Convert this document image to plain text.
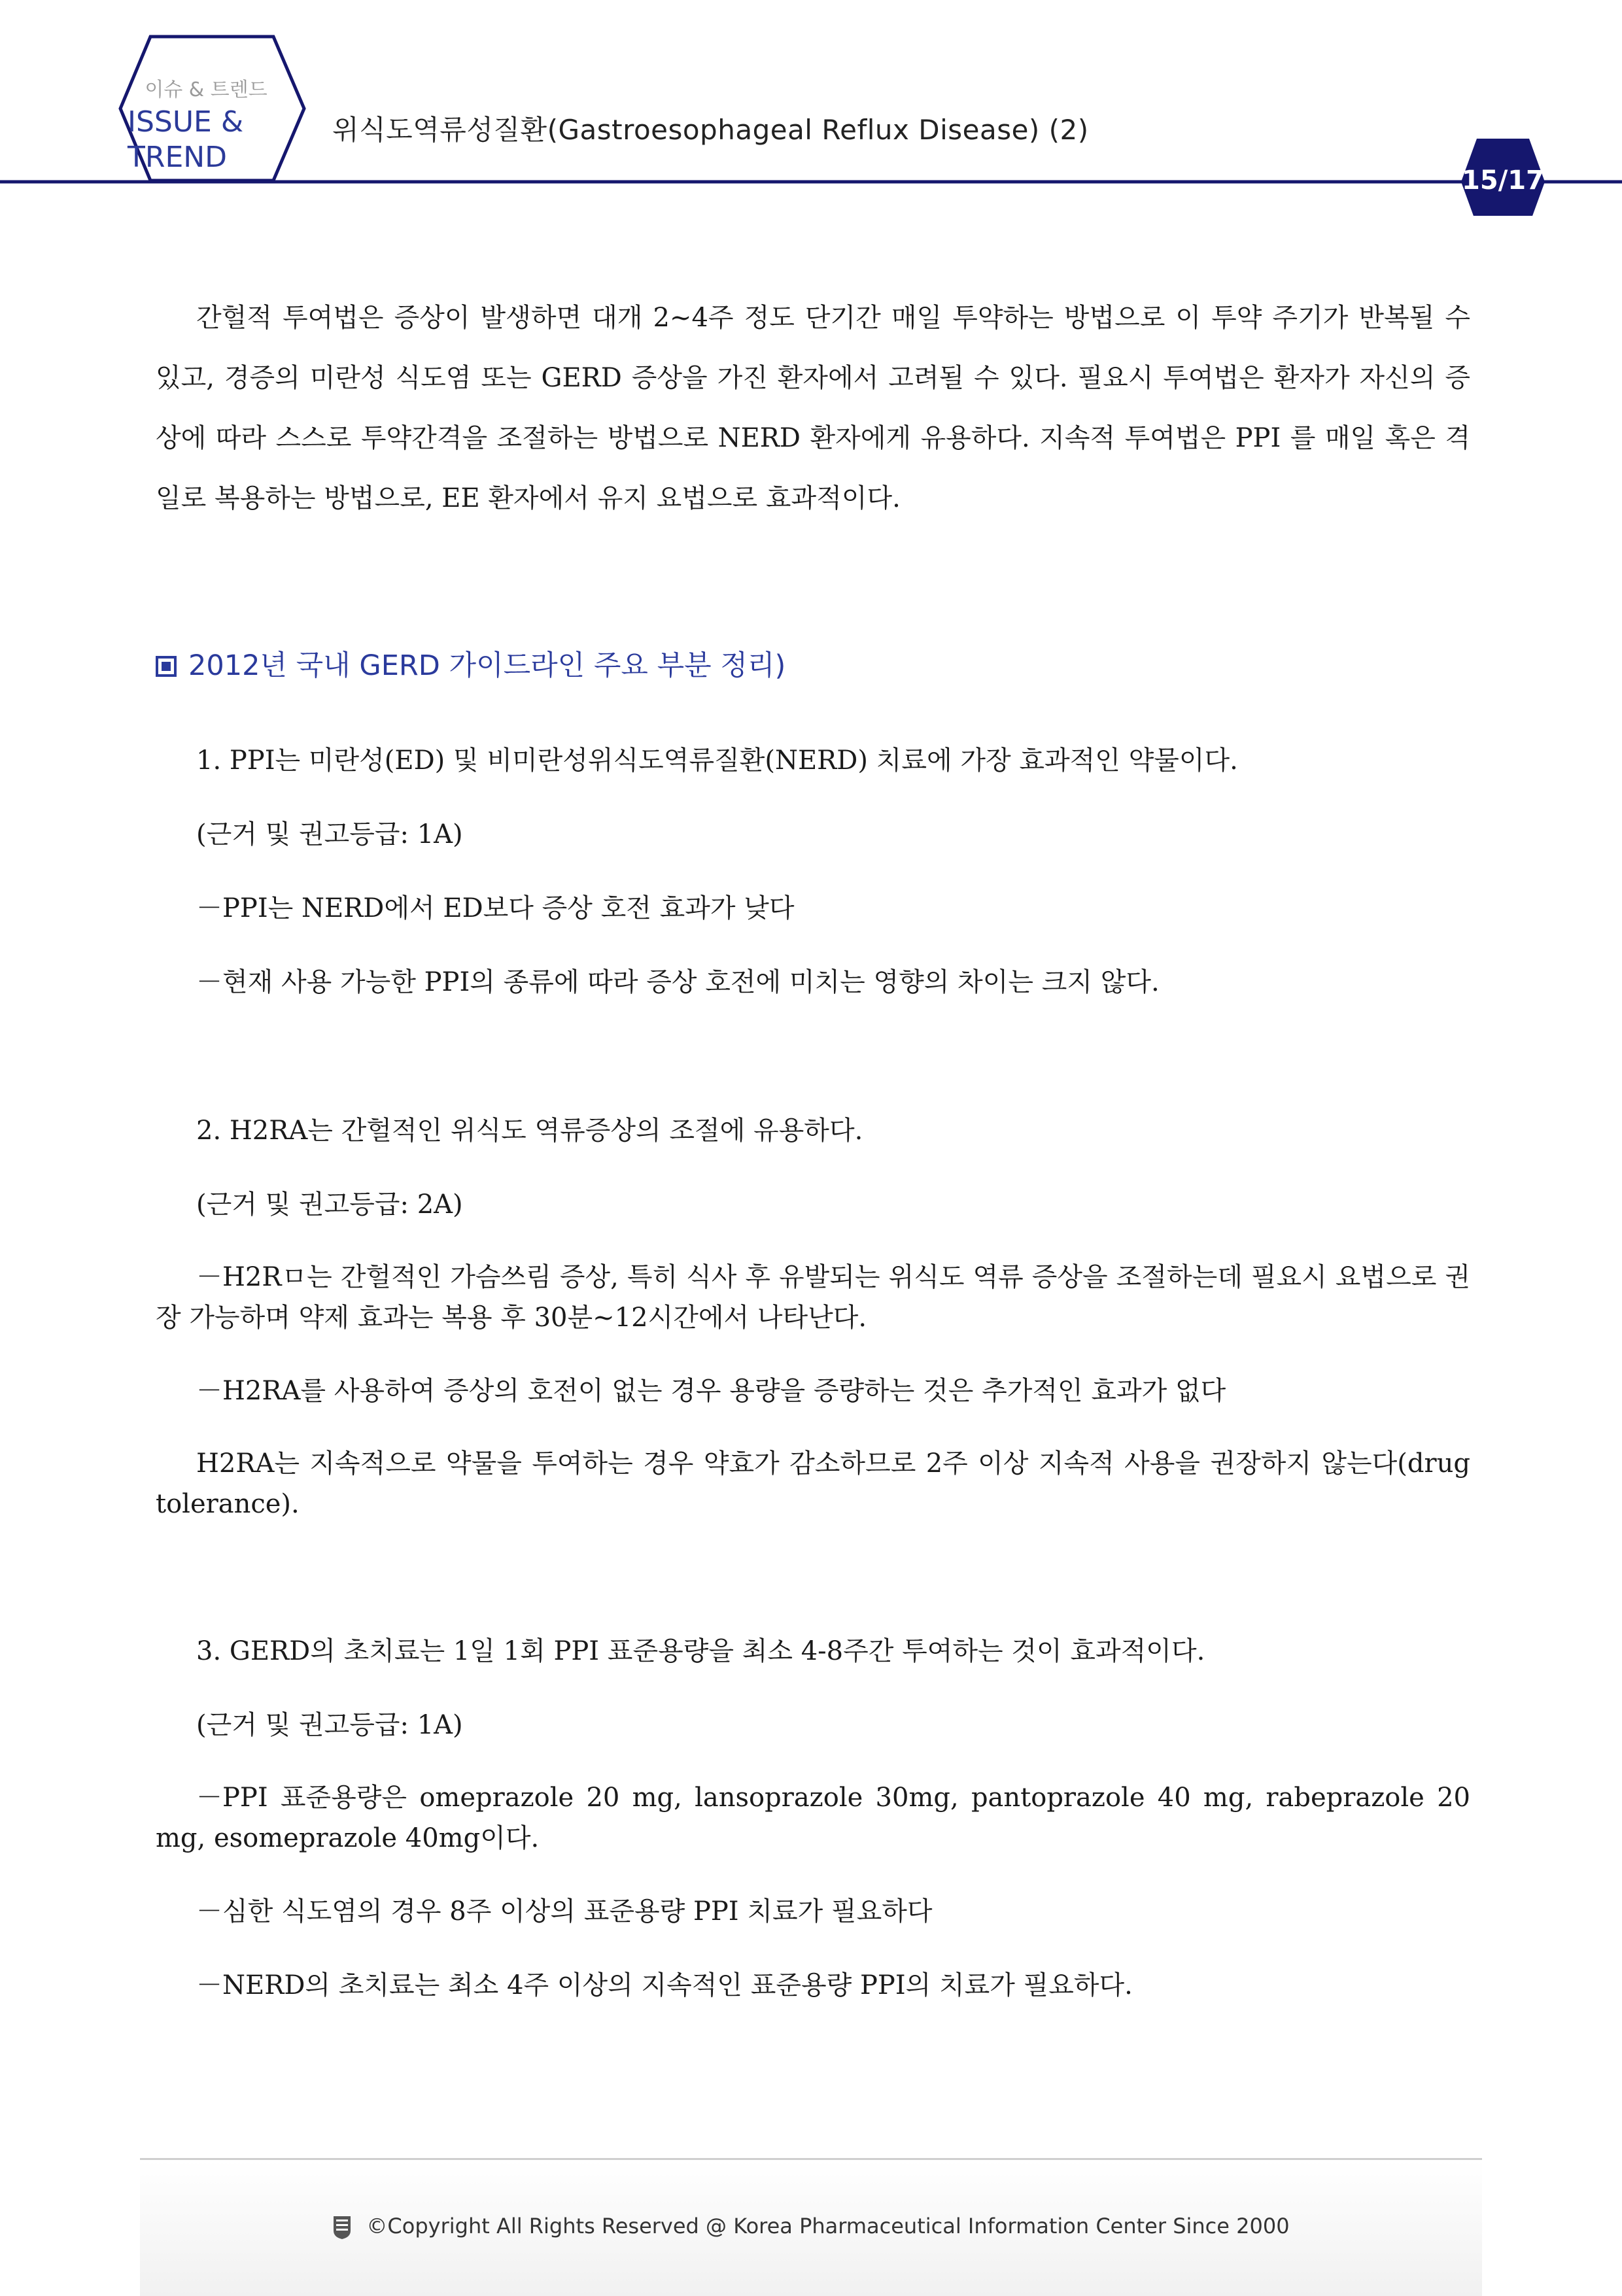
이슈 & 트렌드
ISSUE &
TREND
위식도역류성질환(Gastroesophageal Reflux Disease) (2)
15/17

간헐적 투여법은 증상이 발생하면 대개 2~4주 정도 단기간 매일 투약하는 방법으로 이 투약 주기가 반복될 수 있고, 경증의 미란성 식도염 또는 GERD 증상을 가진 환자에서 고려될 수 있다. 필요시 투여법은 환자가 자신의 증상에 따라 스스로 투약간격을 조절하는 방법으로 NERD 환자에게 유용하다. 지속적 투여법은 PPI 를 매일 혹은 격일로 복용하는 방법으로, EE 환자에서 유지 요법으로 효과적이다.

2012년 국내 GERD 가이드라인 주요 부분 정리)
1. PPI는 미란성(ED) 및 비미란성위식도역류질환(NERD) 치료에 가장 효과적인 약물이다.
(근거 및 권고등급: 1A)
－PPI는 NERD에서 ED보다 증상 호전 효과가 낮다
－현재 사용 가능한 PPI의 종류에 따라 증상 호전에 미치는 영향의 차이는 크지 않다.
2. H2RA는 간헐적인 위식도 역류증상의 조절에 유용하다.
(근거 및 권고등급: 2A)
－H2Rㅁ는 간헐적인 가슴쓰림 증상, 특히 식사 후 유발되는 위식도 역류 증상을 조절하는데 필요시 요법으로 권장 가능하며 약제 효과는 복용 후 30분~12시간에서 나타난다.
－H2RA를 사용하여 증상의 호전이 없는 경우 용량을 증량하는 것은 추가적인 효과가 없다
H2RA는 지속적으로 약물을 투여하는 경우 약효가 감소하므로 2주 이상 지속적 사용을 권장하지 않는다(drug tolerance).
3. GERD의 초치료는 1일 1회 PPI 표준용량을 최소 4-8주간 투여하는 것이 효과적이다.
(근거 및 권고등급: 1A)
－PPI 표준용량은 omeprazole 20 mg, lansoprazole 30mg, pantoprazole 40 mg, rabeprazole 20 mg, esomeprazole 40mg이다.
－심한 식도염의 경우 8주 이상의 표준용량 PPI 치료가 필요하다
－NERD의 초치료는 최소 4주 이상의 지속적인 표준용량 PPI의 치료가 필요하다.
©Copyright All Rights Reserved @ Korea Pharmaceutical Information Center Since 2000
